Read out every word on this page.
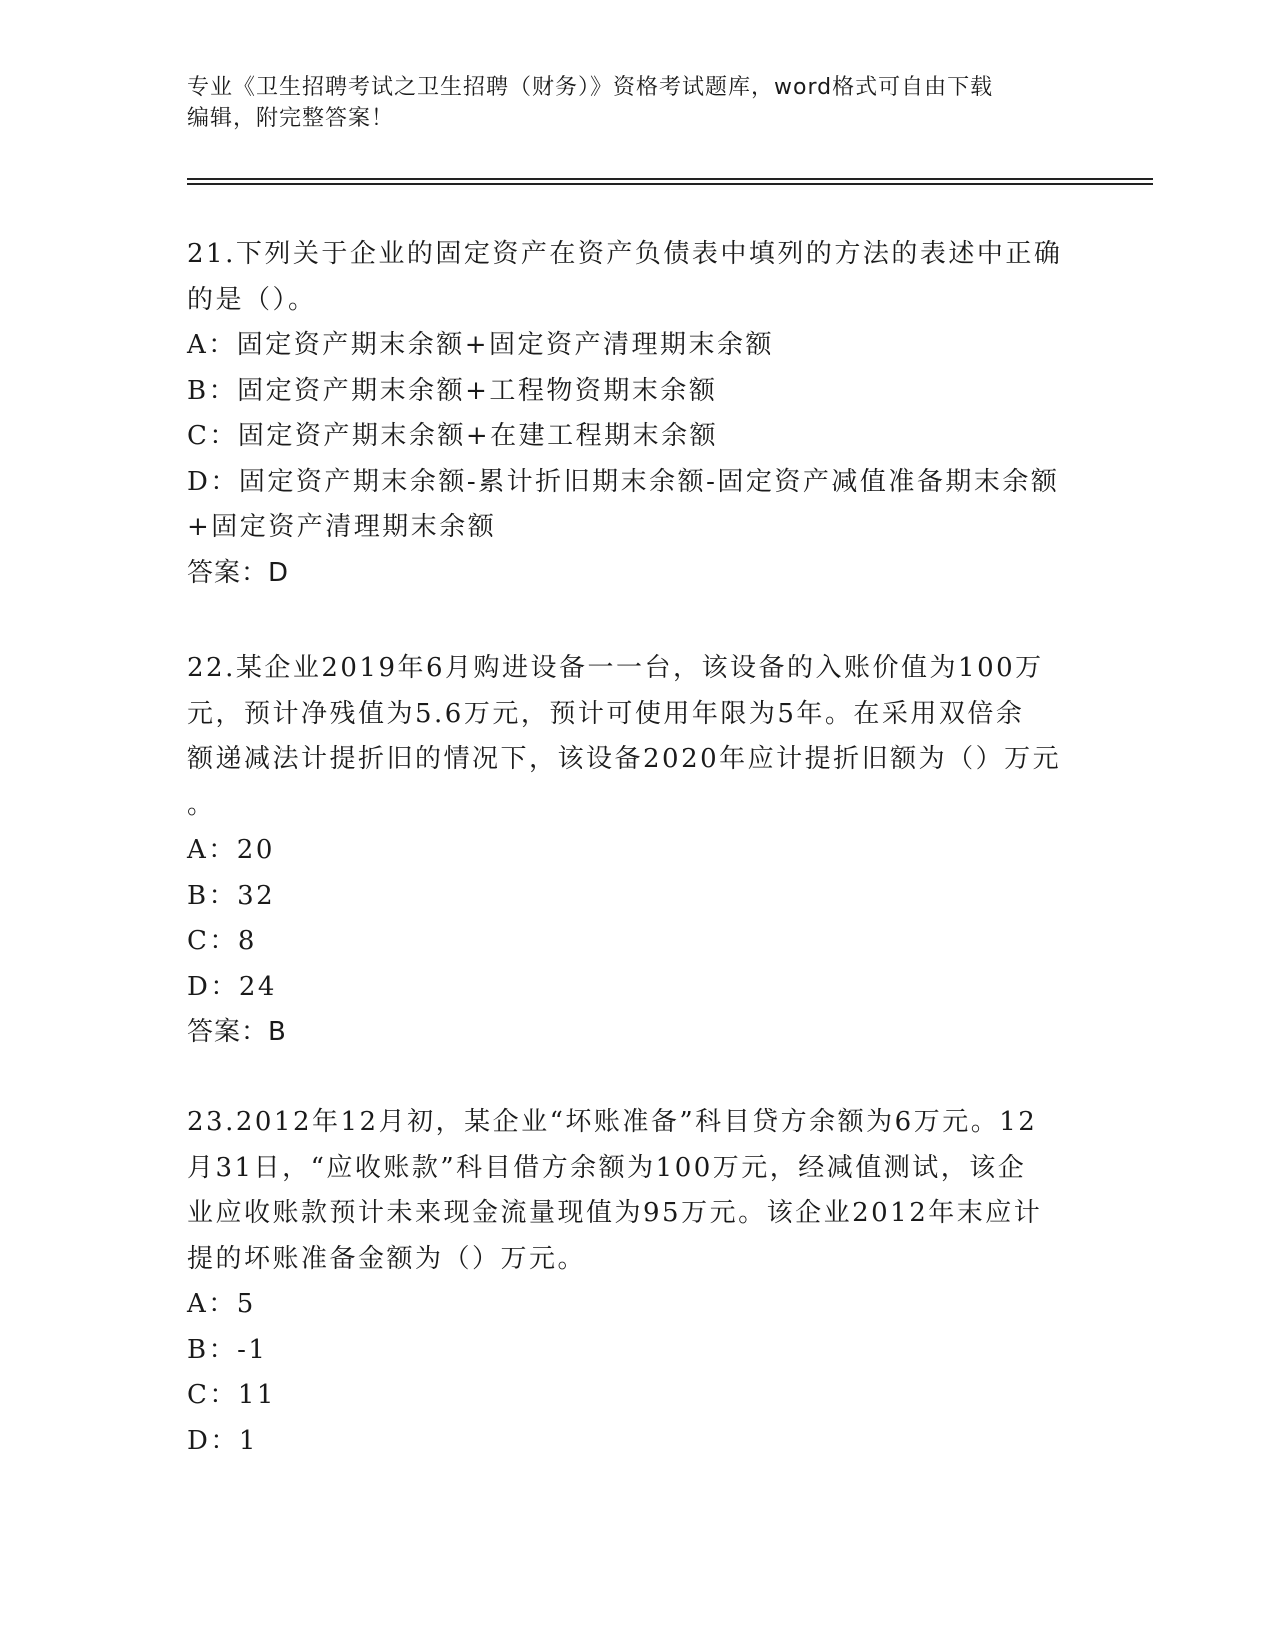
专业《卫生招聘考试之卫生招聘（财务）》资格考试题库，word格式可自由下载
编辑，附完整答案！
21.下列关于企业的固定资产在资产负债表中填列的方法的表述中正确
的是（）。
A：固定资产期末余额+固定资产清理期末余额
B：固定资产期末余额+工程物资期末余额
C：固定资产期末余额+在建工程期末余额
D：固定资产期末余额-累计折旧期末余额-固定资产减值准备期末余额
+固定资产清理期末余额
答案：D
22.某企业2019年6月购进设备一一台，该设备的入账价值为100万
元，预计净残值为5.6万元，预计可使用年限为5年。在采用双倍余
额递减法计提折旧的情况下，该设备2020年应计提折旧额为（）万元
。
A：20
B：32
C：8
D：24
答案：B
23.2012年12月初，某企业“坏账准备”科目贷方余额为6万元。12
月31日，“应收账款”科目借方余额为100万元，经减值测试，该企
业应收账款预计未来现金流量现值为95万元。该企业2012年末应计
提的坏账准备金额为（）万元。
A：5
B：-1
C：11
D：1
